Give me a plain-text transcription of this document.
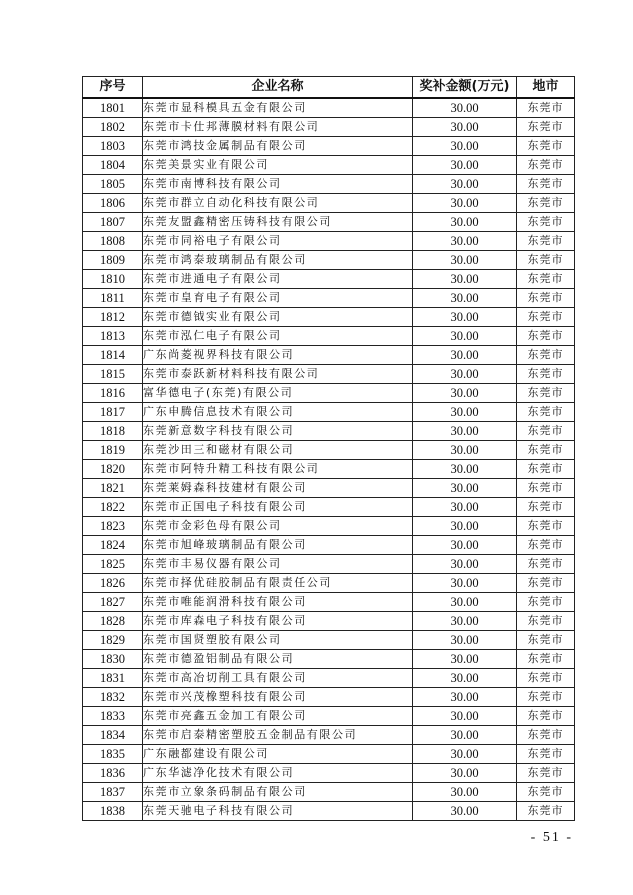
序号	企业名称	奖补金额(万元)	地市
1801	东莞市显科模具五金有限公司	30.00	东莞市
1802	东莞市卡仕邦薄膜材料有限公司	30.00	东莞市
1803	东莞市鸿技金属制品有限公司	30.00	东莞市
1804	东莞美景实业有限公司	30.00	东莞市
1805	东莞市南博科技有限公司	30.00	东莞市
1806	东莞市群立自动化科技有限公司	30.00	东莞市
1807	东莞友盟鑫精密压铸科技有限公司	30.00	东莞市
1808	东莞市同裕电子有限公司	30.00	东莞市
1809	东莞市鸿泰玻璃制品有限公司	30.00	东莞市
1810	东莞市进通电子有限公司	30.00	东莞市
1811	东莞市皇育电子有限公司	30.00	东莞市
1812	东莞市德钺实业有限公司	30.00	东莞市
1813	东莞市泓仁电子有限公司	30.00	东莞市
1814	广东尚菱视界科技有限公司	30.00	东莞市
1815	东莞市泰跃新材料科技有限公司	30.00	东莞市
1816	富华德电子(东莞)有限公司	30.00	东莞市
1817	广东申腾信息技术有限公司	30.00	东莞市
1818	东莞新意数字科技有限公司	30.00	东莞市
1819	东莞沙田三和磁材有限公司	30.00	东莞市
1820	东莞市阿特升精工科技有限公司	30.00	东莞市
1821	东莞莱姆森科技建材有限公司	30.00	东莞市
1822	东莞市正国电子科技有限公司	30.00	东莞市
1823	东莞市金彩色母有限公司	30.00	东莞市
1824	东莞市旭峰玻璃制品有限公司	30.00	东莞市
1825	东莞市丰易仪器有限公司	30.00	东莞市
1826	东莞市择优硅胶制品有限责任公司	30.00	东莞市
1827	东莞市唯能润滑科技有限公司	30.00	东莞市
1828	东莞市库森电子科技有限公司	30.00	东莞市
1829	东莞市国贤塑胶有限公司	30.00	东莞市
1830	东莞市德盈铝制品有限公司	30.00	东莞市
1831	东莞市高冶切削工具有限公司	30.00	东莞市
1832	东莞市兴茂橡塑科技有限公司	30.00	东莞市
1833	东莞市亮鑫五金加工有限公司	30.00	东莞市
1834	东莞市启泰精密塑胶五金制品有限公司	30.00	东莞市
1835	广东融都建设有限公司	30.00	东莞市
1836	广东华滤净化技术有限公司	30.00	东莞市
1837	东莞市立象条码制品有限公司	30.00	东莞市
1838	东莞天驰电子科技有限公司	30.00	东莞市
- 51 -
